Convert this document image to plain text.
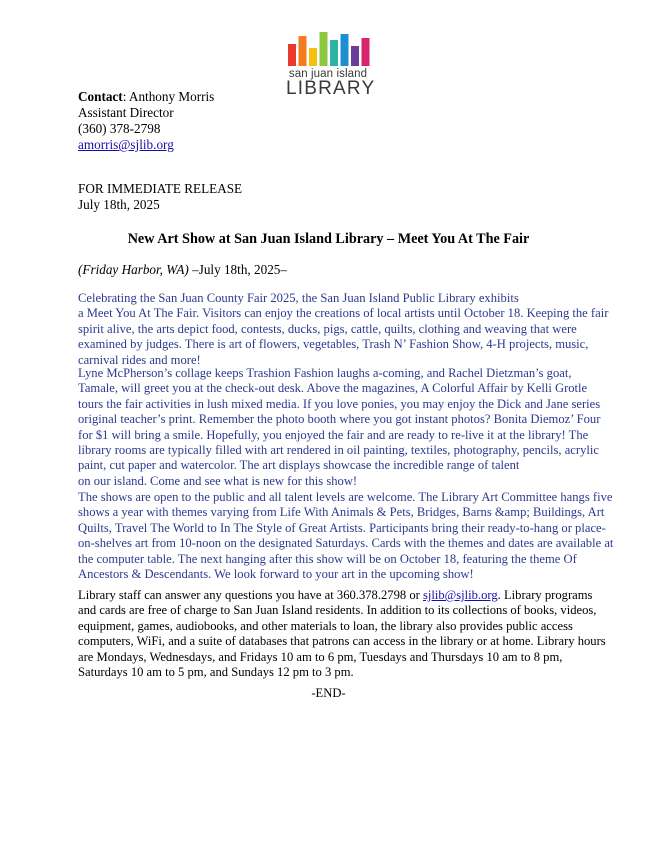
san juan island
LIBRARY
Contact: Anthony Morris
Assistant Director
(360) 378-2798
amorris@sjlib.org
FOR IMMEDIATE RELEASE
July 18th, 2025
New Art Show at San Juan Island Library – Meet You At The Fair
(Friday Harbor, WA) –July 18th, 2025–
Celebrating the San Juan County Fair 2025, the San Juan Island Public Library exhibits
a Meet You At The Fair. Visitors can enjoy the creations of local artists until October 18. Keeping the fair
spirit alive, the arts depict food, contests, ducks, pigs, cattle, quilts, clothing and weaving that were
examined by judges. There is art of flowers, vegetables, Trash N’ Fashion Show, 4-H projects, music,
carnival rides and more!
Lyne McPherson’s collage keeps Trashion Fashion laughs a-coming, and Rachel Dietzman’s goat,
Tamale, will greet you at the check-out desk. Above the magazines, A Colorful Affair by Kelli Grotle
tours the fair activities in lush mixed media. If you love ponies, you may enjoy the Dick and Jane series
original teacher’s print. Remember the photo booth where you got instant photos? Bonita Diemoz’ Four
for $1 will bring a smile. Hopefully, you enjoyed the fair and are ready to re-live it at the library! The
library rooms are typically filled with art rendered in oil painting, textiles, photography, pencils, acrylic
paint, cut paper and watercolor. The art displays showcase the incredible range of talent
on our island. Come and see what is new for this show!
The shows are open to the public and all talent levels are welcome. The Library Art Committee hangs five
shows a year with themes varying from Life With Animals & Pets, Bridges, Barns &amp; Buildings, Art
Quilts, Travel The World to In The Style of Great Artists. Participants bring their ready-to-hang or place-
on-shelves art from 10-noon on the designated Saturdays. Cards with the themes and dates are available at
the computer table. The next hanging after this show will be on October 18, featuring the theme Of
Ancestors & Descendants. We look forward to your art in the upcoming show!
Library staff can answer any questions you have at 360.378.2798 or sjlib@sjlib.org. Library programs
and cards are free of charge to San Juan Island residents. In addition to its collections of books, videos,
equipment, games, audiobooks, and other materials to loan, the library also provides public access
computers, WiFi, and a suite of databases that patrons can access in the library or at home. Library hours
are Mondays, Wednesdays, and Fridays 10 am to 6 pm, Tuesdays and Thursdays 10 am to 8 pm,
Saturdays 10 am to 5 pm, and Sundays 12 pm to 3 pm.
-END-
